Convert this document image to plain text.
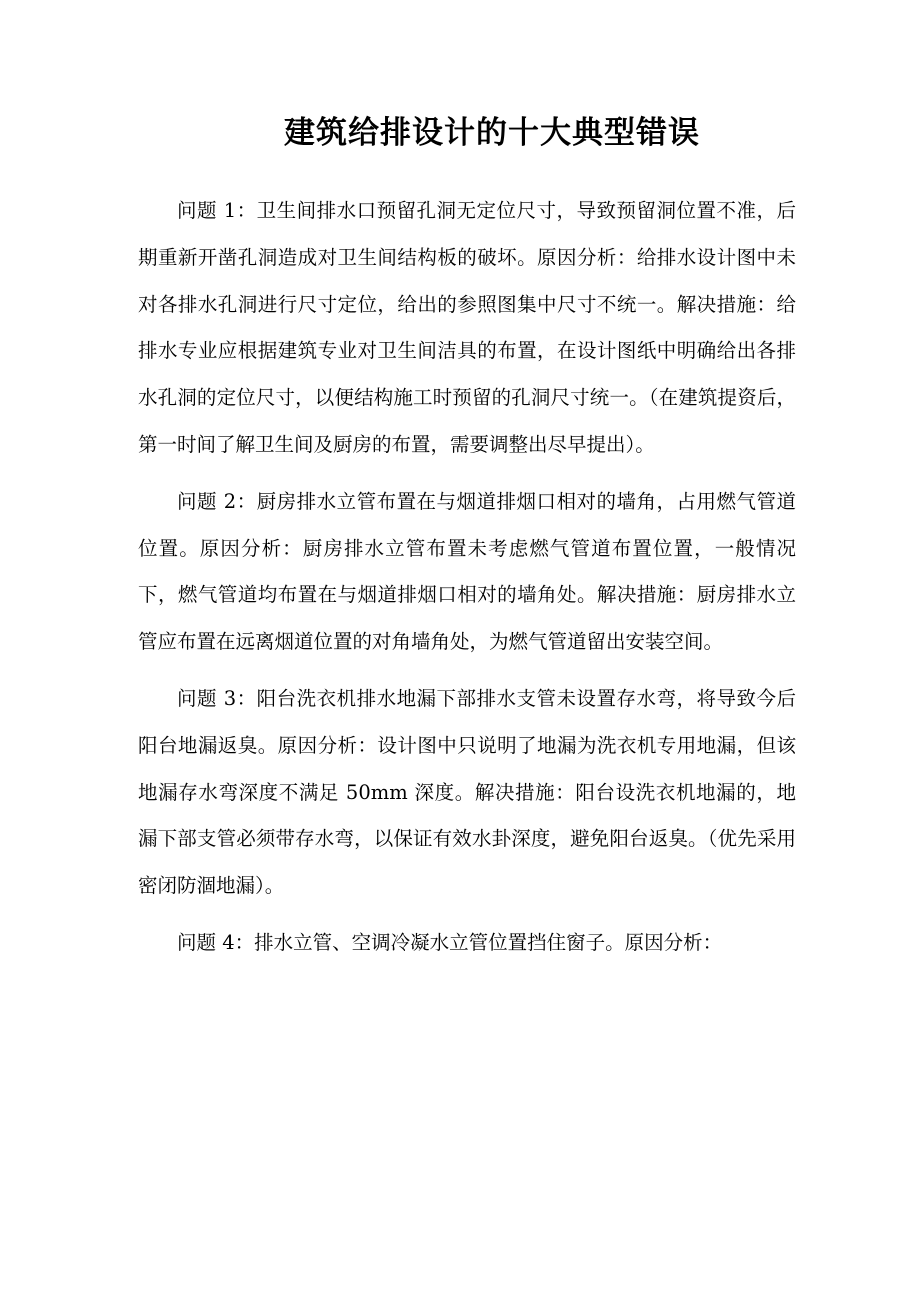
建筑给排设计的十大典型错误

问题 1：卫生间排水口预留孔洞无定位尺寸，导致预留洞位置不准，后期重新开凿孔洞造成对卫生间结构板的破坏。原因分析：给排水设计图中未对各排水孔洞进行尺寸定位，给出的参照图集中尺寸不统一。解决措施：给排水专业应根据建筑专业对卫生间洁具的布置，在设计图纸中明确给出各排水孔洞的定位尺寸，以便结构施工时预留的孔洞尺寸统一。（在建筑提资后，第一时间了解卫生间及厨房的布置，需要调整出尽早提出）。

问题 2：厨房排水立管布置在与烟道排烟口相对的墙角，占用燃气管道位置。原因分析：厨房排水立管布置未考虑燃气管道布置位置，一般情况下，燃气管道均布置在与烟道排烟口相对的墙角处。解决措施：厨房排水立管应布置在远离烟道位置的对角墙角处，为燃气管道留出安装空间。

问题 3：阳台洗衣机排水地漏下部排水支管未设置存水弯，将导致今后阳台地漏返臭。原因分析：设计图中只说明了地漏为洗衣机专用地漏，但该地漏存水弯深度不满足 50mm 深度。解决措施：阳台设洗衣机地漏的，地漏下部支管必须带存水弯，以保证有效水卦深度，避免阳台返臭。（优先采用密闭防涸地漏）。

问题 4：排水立管、空调冷凝水立管位置挡住窗子。原因分析：
